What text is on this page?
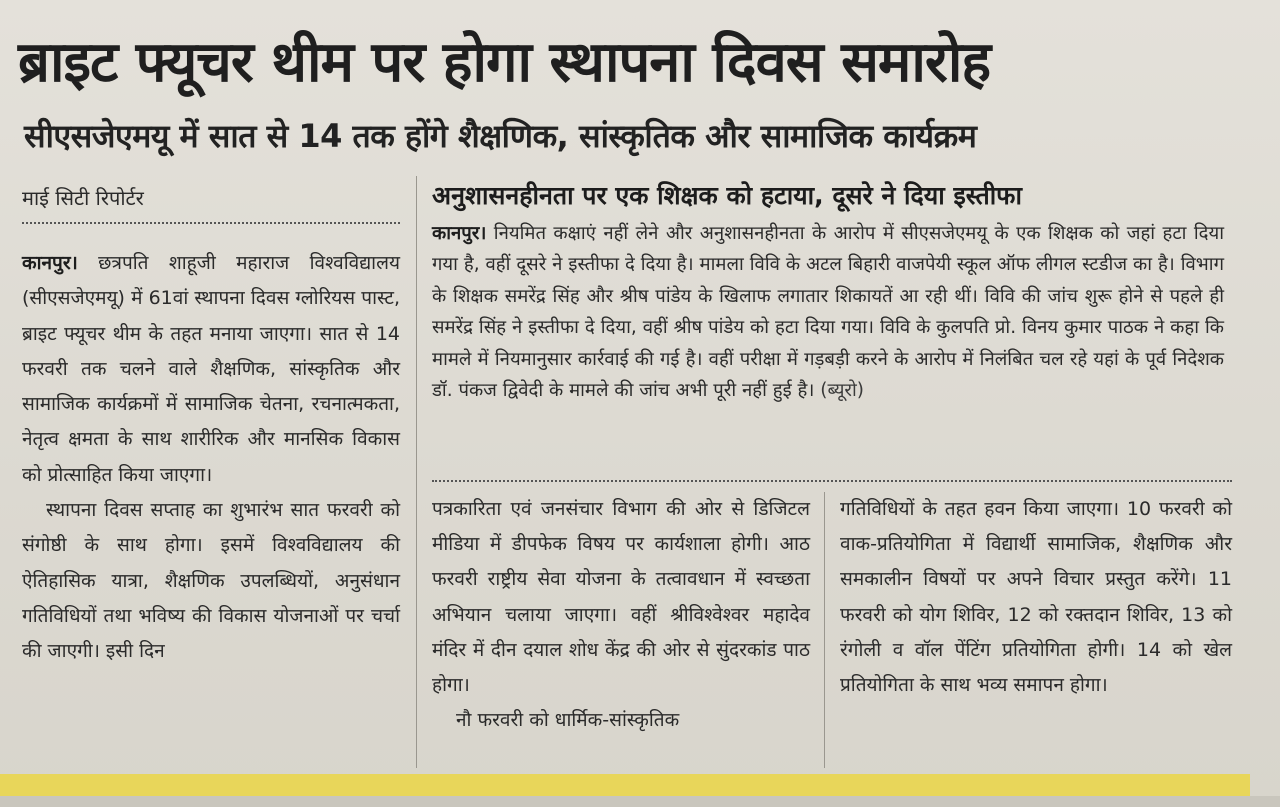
ब्राइट फ्यूचर थीम पर होगा स्थापना दिवस समारोह
सीएसजेएमयू में सात से 14 तक होंगे शैक्षणिक, सांस्कृतिक और सामाजिक कार्यक्रम
माई सिटी रिपोर्टर

कानपुर। छत्रपति शाहूजी महाराज विश्वविद्यालय (सीएसजेएमयू) में 61वां स्थापना दिवस ग्लोरियस पास्ट, ब्राइट फ्यूचर थीम के तहत मनाया जाएगा। सात से 14 फरवरी तक चलने वाले शैक्षणिक, सांस्कृतिक और सामाजिक कार्यक्रमों में सामाजिक चेतना, रचनात्मकता, नेतृत्व क्षमता के साथ शारीरिक और मानसिक विकास को प्रोत्साहित किया जाएगा।

स्थापना दिवस सप्ताह का शुभारंभ सात फरवरी को संगोष्ठी के साथ होगा। इसमें विश्वविद्यालय की ऐतिहासिक यात्रा, शैक्षणिक उपलब्धियों, अनुसंधान गतिविधियों तथा भविष्य की विकास योजनाओं पर चर्चा की जाएगी। इसी दिन

अनुशासनहीनता पर एक शिक्षक को हटाया, दूसरे ने दिया इस्तीफा

कानपुर। नियमित कक्षाएं नहीं लेने और अनुशासनहीनता के आरोप में सीएसजेएमयू के एक शिक्षक को जहां हटा दिया गया है, वहीं दूसरे ने इस्तीफा दे दिया है। मामला विवि के अटल बिहारी वाजपेयी स्कूल ऑफ लीगल स्टडीज का है। विभाग के शिक्षक समरेंद्र सिंह और श्रीष पांडेय के खिलाफ लगातार शिकायतें आ रही थीं। विवि की जांच शुरू होने से पहले ही समरेंद्र सिंह ने इस्तीफा दे दिया, वहीं श्रीष पांडेय को हटा दिया गया। विवि के कुलपति प्रो. विनय कुमार पाठक ने कहा कि मामले में नियमानुसार कार्रवाई की गई है। वहीं परीक्षा में गड़बड़ी करने के आरोप में निलंबित चल रहे यहां के पूर्व निदेशक डॉ. पंकज द्विवेदी के मामले की जांच अभी पूरी नहीं हुई है। (ब्यूरो)

पत्रकारिता एवं जनसंचार विभाग की ओर से डिजिटल मीडिया में डीपफेक विषय पर कार्यशाला होगी। आठ फरवरी राष्ट्रीय सेवा योजना के तत्वावधान में स्वच्छता अभियान चलाया जाएगा। वहीं श्रीविश्वेश्वर महादेव मंदिर में दीन दयाल शोध केंद्र की ओर से सुंदरकांड पाठ होगा।

नौ फरवरी को धार्मिक-सांस्कृतिक

गतिविधियों के तहत हवन किया जाएगा। 10 फरवरी को वाक-प्रतियोगिता में विद्यार्थी सामाजिक, शैक्षणिक और समकालीन विषयों पर अपने विचार प्रस्तुत करेंगे। 11 फरवरी को योग शिविर, 12 को रक्तदान शिविर, 13 को रंगोली व वॉल पेंटिंग प्रतियोगिता होगी। 14 को खेल प्रतियोगिता के साथ भव्य समापन होगा।
